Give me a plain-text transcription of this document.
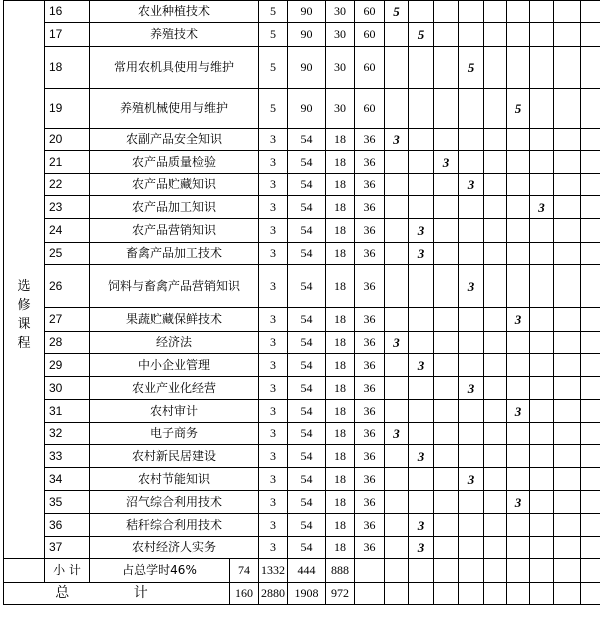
选
修
课
程	16	农业种植技术		5	90	30	60	5									
	17	养殖技术		5	90	30	60		5								
	18	常用农机具使用与维护		5	90	30	60				5						
	19	养殖机械使用与维护		5	90	30	60						5				
	20	农副产品安全知识		3	54	18	36	3									
	21	农产品质量检验		3	54	18	36			3							
	22	农产品贮藏知识		3	54	18	36				3						
	23	农产品加工知识		3	54	18	36							3			
	24	农产品营销知识		3	54	18	36		3								
	25	畜禽产品加工技术		3	54	18	36		3								
	26	饲料与畜禽产品营销知识		3	54	18	36				3						
	27	果蔬贮藏保鲜技术		3	54	18	36						3				
	28	经济法		3	54	18	36	3									
	29	中小企业管理		3	54	18	36		3								
	30	农业产业化经营		3	54	18	36				3						
	31	农村审计		3	54	18	36						3				
	32	电子商务		3	54	18	36	3									
	33	农村新民居建设		3	54	18	36		3								
	34	农村节能知识		3	54	18	36				3						
	35	沼气综合利用技术		3	54	18	36						3				
	36	秸秆综合利用技术		3	54	18	36		3								
	37	农村经济人实务		3	54	18	36		3								
	小 计	占总学时46%	74	1332	444	888											
总 计			160	2880	1908	972											
